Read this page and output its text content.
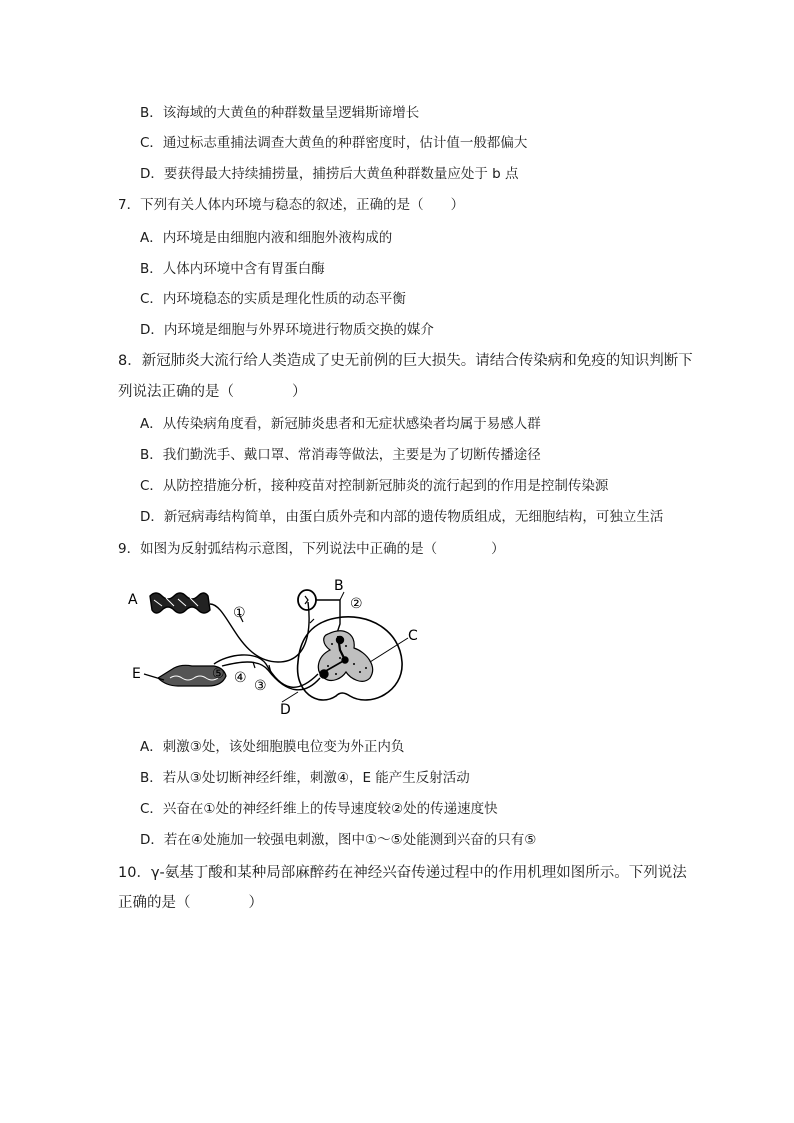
B．该海域的大黄鱼的种群数量呈逻辑斯谛增长
C．通过标志重捕法调查大黄鱼的种群密度时，估计值一般都偏大
D．要获得最大持续捕捞量，捕捞后大黄鱼种群数量应处于 b 点
7．下列有关人体内环境与稳态的叙述，正确的是（　　）
A．内环境是由细胞内液和细胞外液构成的
B．人体内环境中含有胃蛋白酶
C．内环境稳态的实质是理化性质的动态平衡
D．内环境是细胞与外界环境进行物质交换的媒介
8．新冠肺炎大流行给人类造成了史无前例的巨大损失。请结合传染病和免疫的知识判断下
列说法正确的是（　　　　）
A．从传染病角度看，新冠肺炎患者和无症状感染者均属于易感人群
B．我们勤洗手、戴口罩、常消毒等做法，主要是为了切断传播途径
C．从防控措施分析，接种疫苗对控制新冠肺炎的流行起到的作用是控制传染源
D．新冠病毒结构简单，由蛋白质外壳和内部的遗传物质组成，无细胞结构，可独立生活
9．如图为反射弧结构示意图，下列说法中正确的是（　　　　）
A
B
C
D
E
①
②
③
④
⑤
A．刺激③处，该处细胞膜电位变为外正内负
B．若从③处切断神经纤维，刺激④，E 能产生反射活动
C．兴奋在①处的神经纤维上的传导速度较②处的传递速度快
D．若在④处施加一较强电刺激，图中①～⑤处能测到兴奋的只有⑤
10．γ-氨基丁酸和某种局部麻醉药在神经兴奋传递过程中的作用机理如图所示。下列说法
正确的是（　　　　）
